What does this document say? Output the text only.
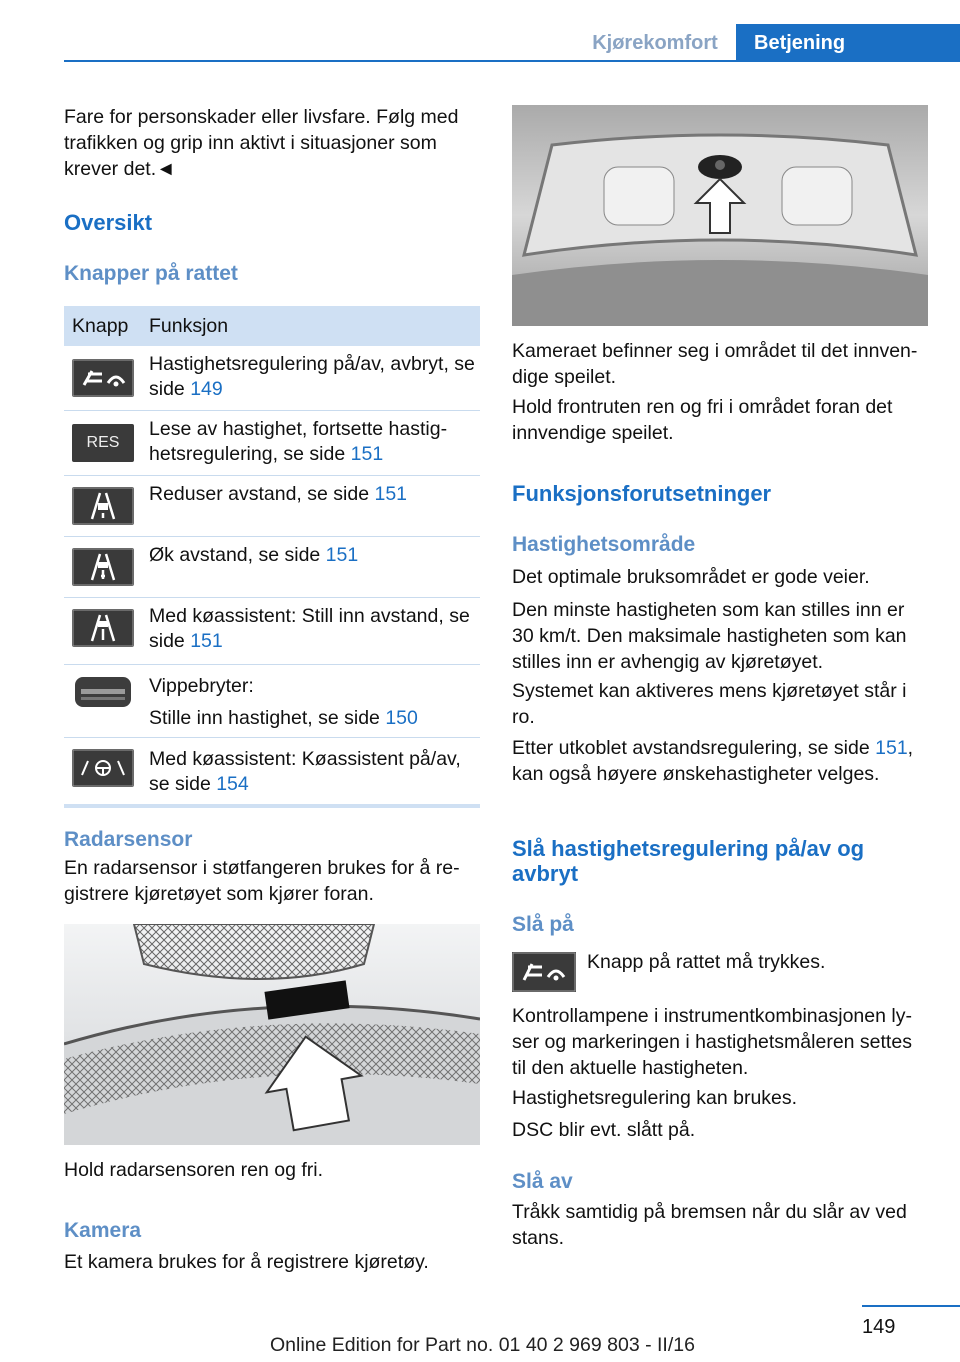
Kjørekomfort	Betjening

Fare for personskader eller livsfare. Følg med trafikken og grip inn aktivt i situasjoner som krever det.◄

Oversikt
Knapper på rattet
Knapp Funksjon
Hastighetsregulering på/av, avbryt, se side 149
RES
Lese av hastighet, fortsette hastig-hetsregulering, se side 151
Reduser avstand, se side 151
Øk avstand, se side 151
Med køassistent: Still inn avstand, se side 151
Vippebryter:
Stille inn hastighet, se side 150
Med køassistent: Køassistent på/av, se side 154
Radarsensor

En radarsensor i støtfangeren brukes for å re-gistrere kjøretøyet som kjører foran.

Hold radarsensoren ren og fri.

Kamera

Et kamera brukes for å registrere kjøretøy.

Kameraet befinner seg i området til det innven-dige speilet.

Hold frontruten ren og fri i området foran det innvendige speilet.

Funksjonsforutsetninger
Hastighetsområde

Det optimale bruksområdet er gode veier.

Den minste hastigheten som kan stilles inn er 30 km/t. Den maksimale hastigheten som kan stilles inn er avhengig av kjøretøyet.

Systemet kan aktiveres mens kjøretøyet står i ro.

Etter utkoblet avstandsregulering, se side 151, kan også høyere ønskehastigheter velges.

Slå hastighetsregulering på/av og avbryt
Slå på

Knapp på rattet må trykkes.

Kontrollampene i instrumentkombinasjonen ly-ser og markeringen i hastighetsmåleren settes til den aktuelle hastigheten.

Hastighetsregulering kan brukes.

DSC blir evt. slått på.

Slå av

Tråkk samtidig på bremsen når du slår av ved stans.

149
Online Edition for Part no. 01 40 2 969 803 - II/16
